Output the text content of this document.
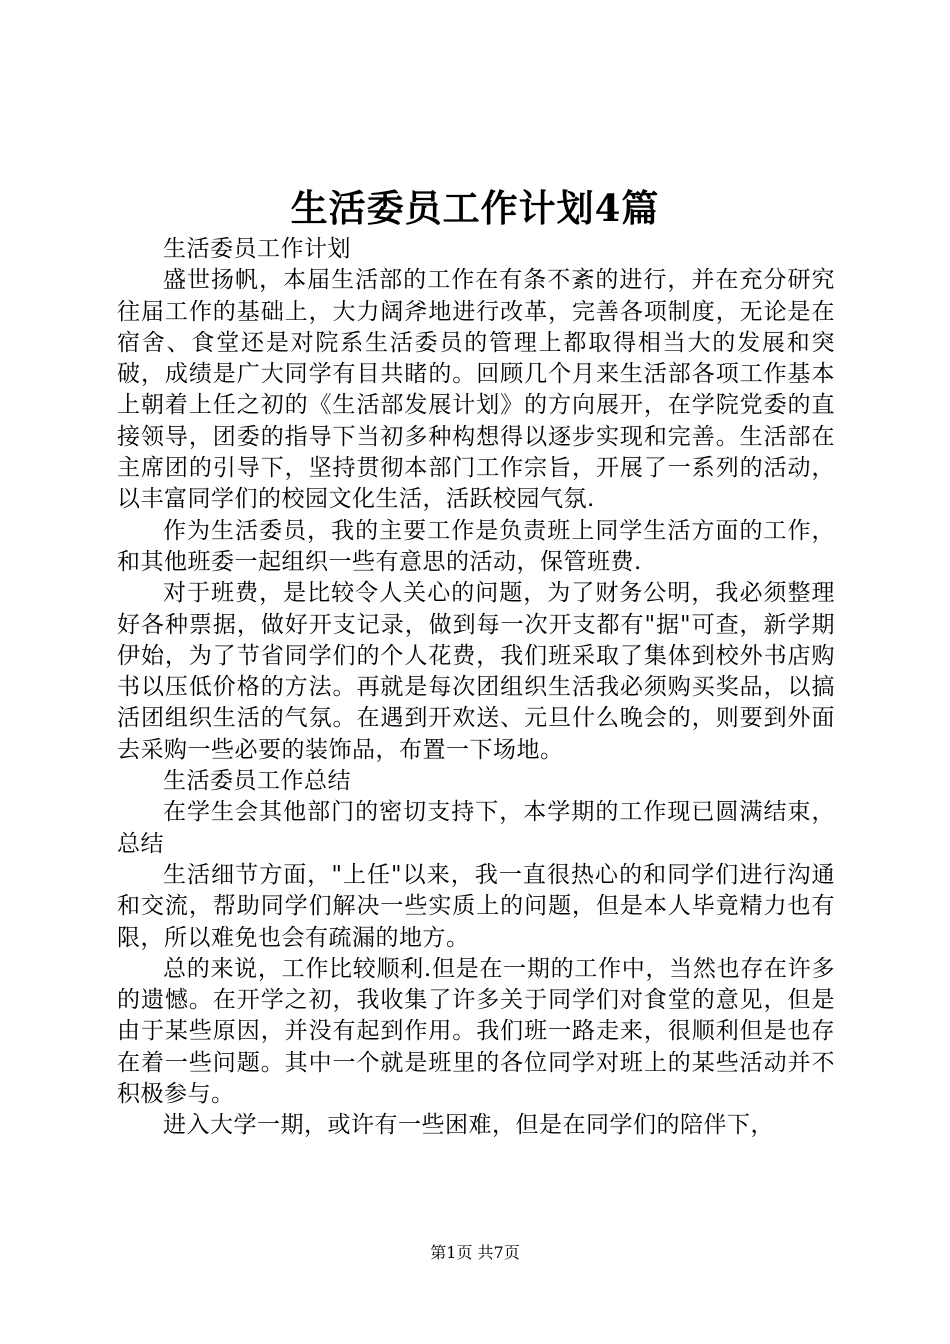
生活委员工作计划4篇

生活委员工作计划

盛世扬帆，本届生活部的工作在有条不紊的进行，并在充分研究往届工作的基础上，大力阔斧地进行改革，完善各项制度，无论是在宿舍、食堂还是对院系生活委员的管理上都取得相当大的发展和突破，成绩是广大同学有目共睹的。回顾几个月来生活部各项工作基本上朝着上任之初的《生活部发展计划》的方向展开，在学院党委的直接领导，团委的指导下当初多种构想得以逐步实现和完善。生活部在主席团的引导下，坚持贯彻本部门工作宗旨，开展了一系列的活动，以丰富同学们的校园文化生活，活跃校园气氛.

作为生活委员，我的主要工作是负责班上同学生活方面的工作，和其他班委一起组织一些有意思的活动，保管班费.

对于班费，是比较令人关心的问题，为了财务公明，我必须整理好各种票据，做好开支记录，做到每一次开支都有"据"可查，新学期伊始，为了节省同学们的个人花费，我们班采取了集体到校外书店购书以压低价格的方法。再就是每次团组织生活我必须购买奖品，以搞活团组织生活的气氛。在遇到开欢送、元旦什么晚会的，则要到外面去采购一些必要的装饰品，布置一下场地。

生活委员工作总结

在学生会其他部门的密切支持下，本学期的工作现已圆满结束，总结

生活细节方面，"上任"以来，我一直很热心的和同学们进行沟通和交流，帮助同学们解决一些实质上的问题，但是本人毕竟精力也有限，所以难免也会有疏漏的地方。

总的来说，工作比较顺利.但是在一期的工作中，当然也存在许多的遗憾。在开学之初，我收集了许多关于同学们对食堂的意见，但是由于某些原因，并没有起到作用。我们班一路走来，很顺利但是也存在着一些问题。其中一个就是班里的各位同学对班上的某些活动并不积极参与。

进入大学一期，或许有一些困难，但是在同学们的陪伴下，

第1页 共7页
